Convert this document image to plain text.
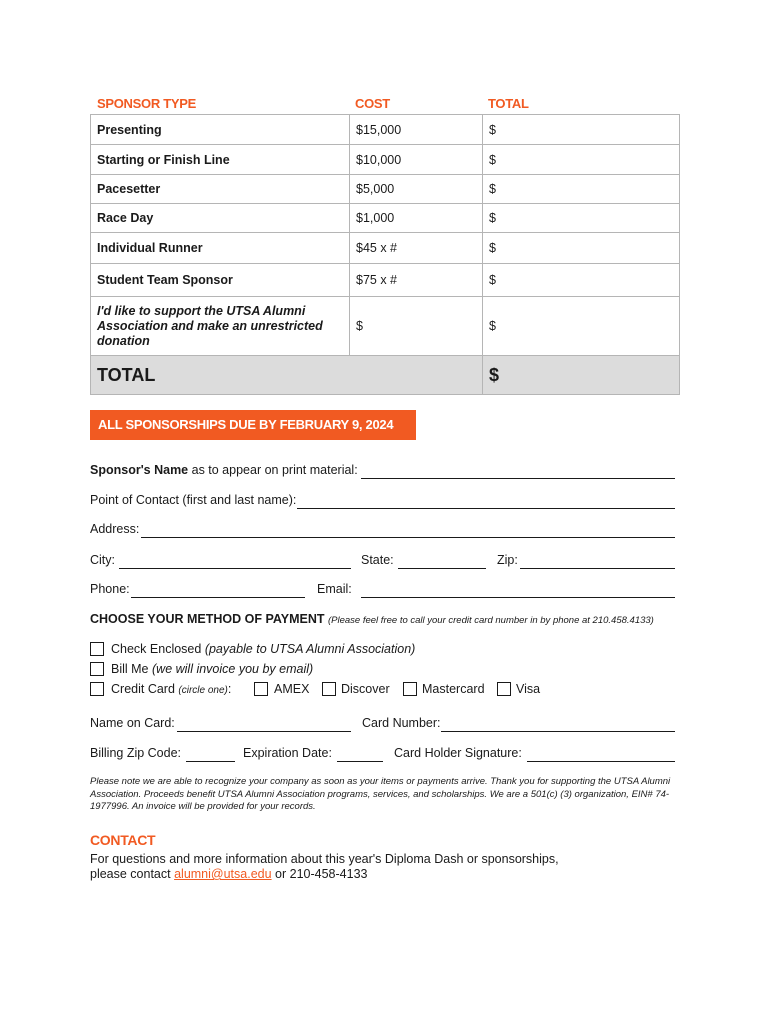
SPONSOR TYPE	COST	TOTAL
Presenting	$15,000	$
Starting or Finish Line	$10,000	$
Pacesetter	$5,000	$
Race Day	$1,000	$
Individual Runner	$45 x #	$
Student Team Sponsor	$75 x #	$
I'd like to support the UTSA Alumni Association and make an unrestricted donation	$	$
TOTAL		$
ALL SPONSORSHIPS DUE BY FEBRUARY 9, 2024
Sponsor's Name as to appear on print material:
Point of Contact (first and last name):
Address:
City:	State:	Zip:
Phone:	Email:
CHOOSE YOUR METHOD OF PAYMENT (Please feel free to call your credit card number in by phone at 210.458.4133)
Check Enclosed (payable to UTSA Alumni Association)
Bill Me (we will invoice you by email)
Credit Card (circle one):	AMEX	Discover	Mastercard	Visa
Name on Card:	Card Number:
Billing Zip Code:	Expiration Date:	Card Holder Signature:
Please note we are able to recognize your company as soon as your items or payments arrive. Thank you for supporting the UTSA Alumni Association. Proceeds benefit UTSA Alumni Association programs, services, and scholarships. We are a 501(c) (3) organization, EIN# 74-1977996. An invoice will be provided for your records.
CONTACT
For questions and more information about this year's Diploma Dash or sponsorships,
please contact alumni@utsa.edu or 210-458-4133
